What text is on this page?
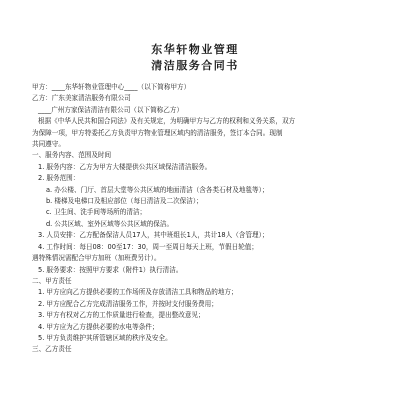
东华轩物业管理
清洁服务合同书
甲方：____东华轩物业管理中心____（以下简称甲方）
乙方：广东美家清洁服务有限公司
____广州方家保洁清洁有限公司（以下简称乙方）
根据《中华人民共和国合同法》及有关规定，为明确甲方与乙方的权利和义务关系，双方
为保障一项，甲方特委托乙方负责甲方物业管理区域内的清洁服务，签订本合同。现制
共同遵守。
一、服务内容、范围及时间
1. 服务内容：乙方为甲方大楼提供公共区域保洁清洁服务。
2. 服务范围：
a. 办公楼、门厅、首层大堂等公共区域的地面清洁（含各类石材及地毯等）；
b. 楼梯及电梯口及相应部位（每日清洁及二次保洁）；
c. 卫生间、洗手间等场所的清洁；
d. 公共区域、室外区域等公共区域的保洁。
3. 人员安排：乙方配备保洁人员17人，其中班组长1人，共计18人（含管理）；
4. 工作时间：每日08：00至17：30，周一至周日每天上班，节假日轮值；
遇特殊情况需配合甲方加班（加班费另计）。
5. 服务要求：按照甲方要求（附件1）执行清洁。
二、甲方责任
1. 甲方应向乙方提供必要的工作场所及存放清洁工具和物品的地方；
2. 甲方应配合乙方完成清洁服务工作，并按时支付服务费用；
3. 甲方有权对乙方的工作质量进行检查，提出整改意见；
4. 甲方应为乙方提供必要的水电等条件；
5. 甲方负责维护其所管辖区域的秩序及安全。
三、乙方责任
